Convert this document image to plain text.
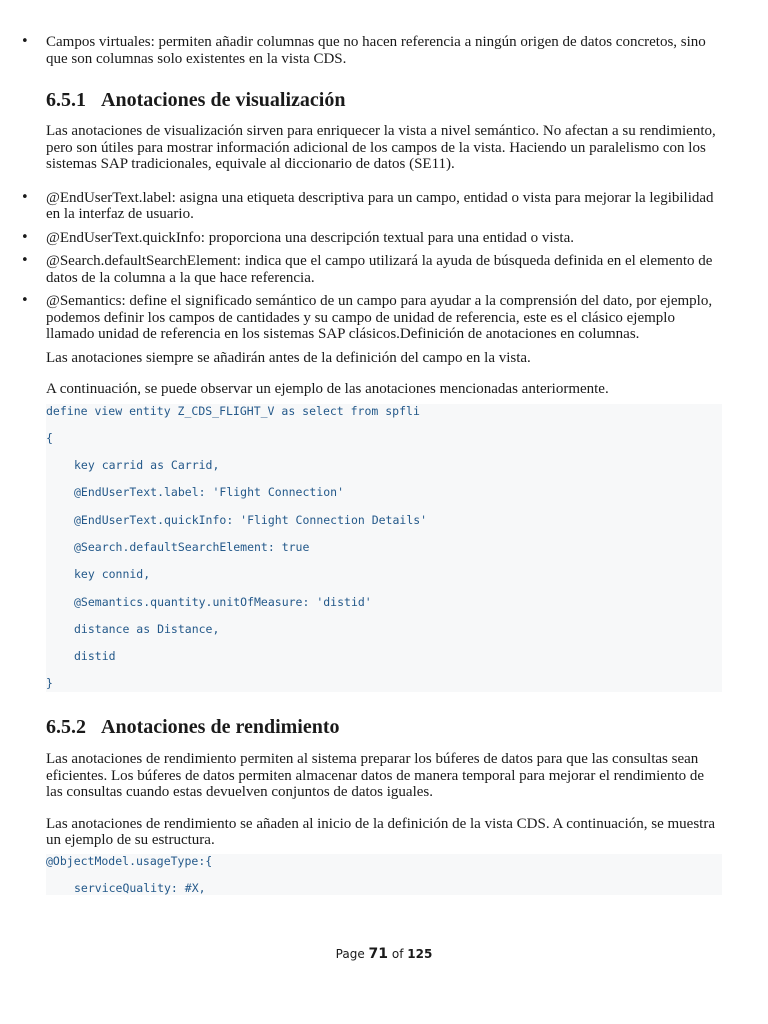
• Campos virtuales: permiten añadir columnas que no hacen referencia a ningún origen de datos concretos, sino que son columnas solo existentes en la vista CDS.
6.5.1 Anotaciones de visualización

Las anotaciones de visualización sirven para enriquecer la vista a nivel semántico. No afectan a su rendimiento, pero son útiles para mostrar información adicional de los campos de la vista. Haciendo un paralelismo con los sistemas SAP tradicionales, equivale al diccionario de datos (SE11).

• @EndUserText.label: asigna una etiqueta descriptiva para un campo, entidad o vista para mejorar la legibilidad en la interfaz de usuario.
• @EndUserText.quickInfo: proporciona una descripción textual para una entidad o vista.
• @Search.defaultSearchElement: indica que el campo utilizará la ayuda de búsqueda definida en el elemento de datos de la columna a la que hace referencia.
• @Semantics: define el significado semántico de un campo para ayudar a la comprensión del dato, por ejemplo, podemos definir los campos de cantidades y su campo de unidad de referencia, este es el clásico ejemplo llamado unidad de referencia en los sistemas SAP clásicos.Definición de anotaciones en columnas.

Las anotaciones siempre se añadirán antes de la definición del campo en la vista.

A continuación, se puede observar un ejemplo de las anotaciones mencionadas anteriormente.

define view entity Z_CDS_FLIGHT_V as select from spfli
{
key carrid as Carrid,
@EndUserText.label: 'Flight Connection'
@EndUserText.quickInfo: 'Flight Connection Details'
@Search.defaultSearchElement: true
key connid,
@Semantics.quantity.unitOfMeasure: 'distid'
distance as Distance,
distid
}
6.5.2 Anotaciones de rendimiento

Las anotaciones de rendimiento permiten al sistema preparar los búferes de datos para que las consultas sean eficientes. Los búferes de datos permiten almacenar datos de manera temporal para mejorar el rendimiento de las consultas cuando estas devuelven conjuntos de datos iguales.

Las anotaciones de rendimiento se añaden al inicio de la definición de la vista CDS. A continuación, se muestra un ejemplo de su estructura.

@ObjectModel.usageType:{
serviceQuality: #X,
Page 71 of 125
